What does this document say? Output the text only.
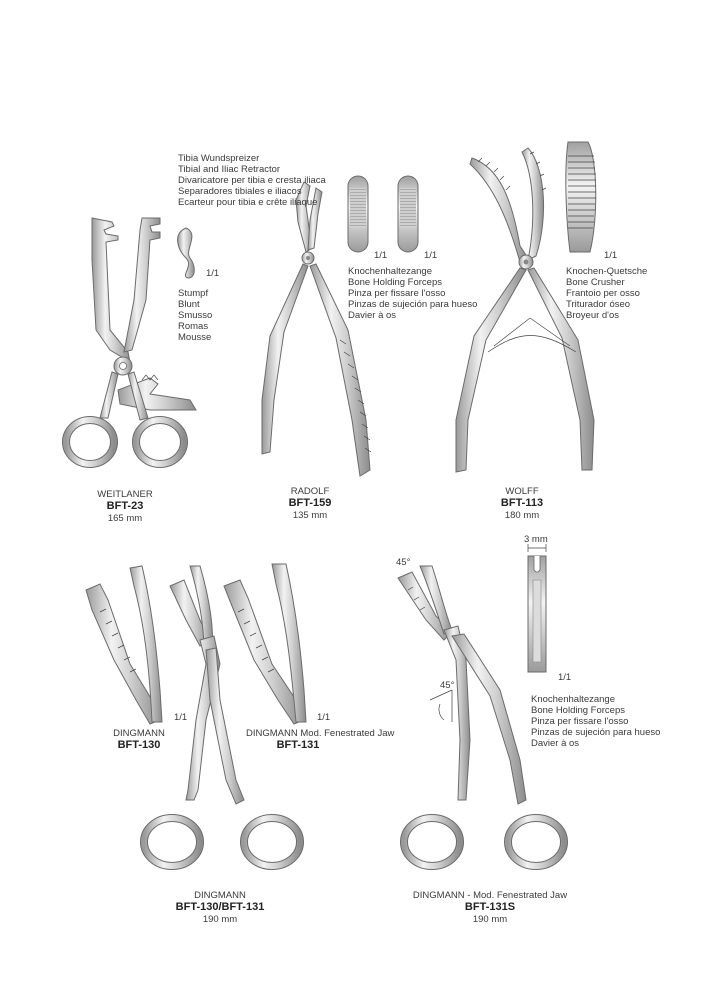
Tibia Wundspreizer
Tibial and Iliac Retractor
Divaricatore per tibia e cresta iliaca
Separadores tibiales e iliacos
Ecarteur pour tibia e crête iliaque
1/1
Stumpf
Blunt
Smusso
Romas
Mousse
WEITLANER
BFT-23
165 mm
1/1	1/1
Knochenhaltezange
Bone Holding Forceps
Pinza per fissare l'osso
Pinzas de sujeción para hueso
Davier à os
RADOLF
BFT-159
135 mm
1/1
Knochen-Quetsche
Bone Crusher
Frantoio per osso
Triturador óseo
Broyeur d'os
WOLFF
BFT-113
180 mm
1/1
DINGMANN
BFT-130
1/1
DINGMANN Mod. Fenestrated Jaw
BFT-131
DINGMANN
BFT-130/BFT-131
190 mm
45°
45°
3 mm
1/1
Knochenhaltezange
Bone Holding Forceps
Pinza per fissare l'osso
Pinzas de sujeción para hueso
Davier à os
DINGMANN - Mod. Fenestrated Jaw
BFT-131S
190 mm
